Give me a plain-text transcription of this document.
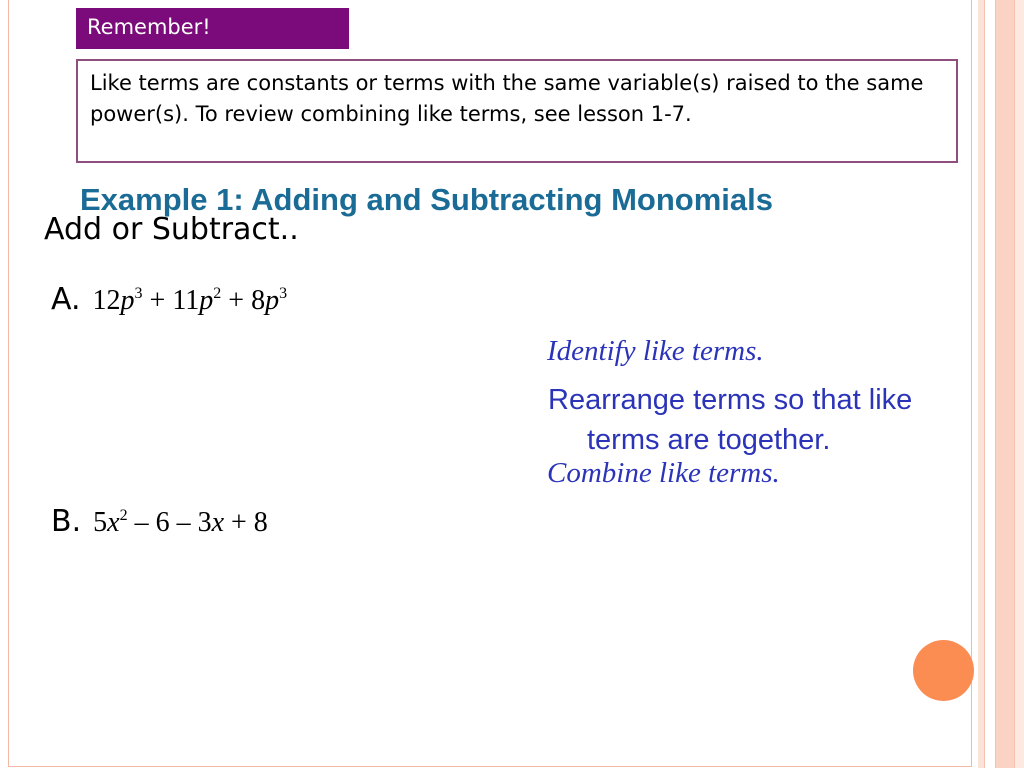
Remember!
Like terms are constants or terms with the same variable(s) raised to the same power(s). To review combining like terms, see lesson 1-7.
Example 1: Adding and Subtracting Monomials
Add or Subtract..
A. $12p^3 + 11p^2 + 8p^3$
Identify like terms.
Rearrange terms so that like
terms are together.
Combine like terms.
B. $5x^2 - 6 - 3x + 8$
